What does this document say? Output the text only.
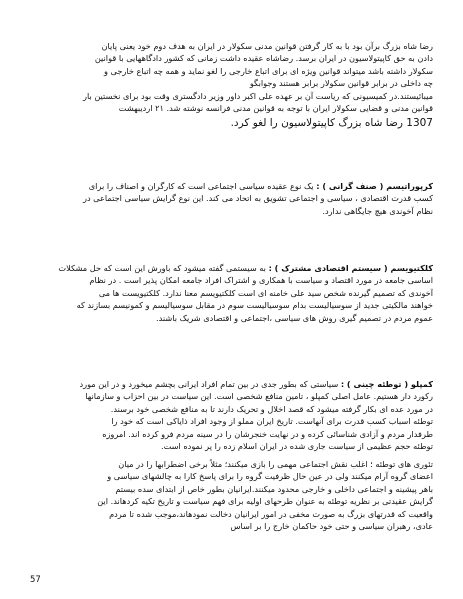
رضا شاه بزرگ برآن بود با به کار گرفتن قوانین مدنی سکولار در ایران به هدف دوم خود یعنی پایان
دادن به حق کاپیتولاسیون در ایران برسد. رضاشاه عقیده داشت زمانی که کشور دادگاههایی با قوانین
سکولار داشته باشد میتواند قوانین ویژه ای برای اتباع خارجی را لغو نماید و همه چه اتباع خارجی و
چه داخلی در برابر قوانین سکولار برابر هستند وجوابگو
میبائیستند.در کمیسیونی که ریاست آن بر عهده علی اکبر داور وزیر دادگستری وقت بود برای نخستین بار
قوانین مدنی و قضایی سکولار ایران با توجه به قوانین مدنی فرانسه نوشته شد. ۲۱ اردیبهشت
1307 رضا شاه بزرگ کاپیتولاسیون را لغو کرد.
کرپوراتیسم ( صنف گرانی ) : یک نوع عقیده سیاسی اجتماعی است که کارگران و اصناف را برای
کسب قدرت اقتصادی ، سیاسی و اجتماعی تشویق به اتحاد می کند. این نوع گرایش سیاسی اجتماعی در
نظام آخوندی هیچ جایگاهی ندارد.
کلکتیویسم ( سیستم اقتصادی مشترک ) : به سیستمی گفته میشود که باورش این است که حل مشکلات
اساسی جامعه در مورد اقتصاد و سیاست با همکاری و اشتراک افراد جامعه امکان پذیر است . در نظام
آخوندی که تصمیم گیرنده شخص سید علی خامنه ای است کلکتیویسم معنا ندارد. کلکتیویست ها می
خواهند مالکیتی جدید از سوسیالیست بدام سوسیالیست سوم در مقابل سوسیالیسم و کمونیسم بسازند که
عموم مردم در تصمیم گیری روش های سیاسی ،اجتماعی و اقتصادی شریک باشند.
کمپلو ( توطئه چینی ) : سیاستی که بطور جدی در بین تمام افراد ایرانی بچشم میخورد و در این مورد
رکورد دار هستیم. عامل اصلی کمپلو ، تامین منافع شخصی است. این سیاست در بین احزاب و سازمانها
در مورد عده ای بکار گرفته میشود که قصد اخلال و تحریک دارند تا به منافع شخصی خود برسند.
توطئه اسباب کسب قدرت برای آنهاست. تاریخ ایران مملو از وجود افراد ذایاکی است که خود را
طرفدار مردم و آزادی شناسائی کرده و در نهایت خنجرشان را در سینه مردم فرو کرده اند. امروزه
توطئه حجم عظیمی از سیاست جاری شده در ایران اسلام زده را پر نموده است.
تئوری های توطئه ؛ اغلب نقش اجتماعی مهمی را بازی میکنند؛ مثلاً برخی اضطرابها را در میان
اعضای گروه آرام میکنند ولی در عین حال ظرفیت گروه را برای پاسخ کارا به چالشهای سیاسی و
باهر پیشینه و اجتماعی داخلی و خارجی محدود میکنند.ایرانیان بطور خاص از ابتدای سده بیستم
گرایش عقیدتی بر نظریه توطئه به عنوان طرحهای اولیه برای فهم سیاست و تاریخ تکیه کردهاند. این
واقعیت که قدرتهای بزرگ به صورت مخفی در امور ایرانیان دخالت نمودهاند،موجب شده تا مردم
عادی، رهبران سیاسی و حتی خود حاکمان خارج را بر اساس
57
